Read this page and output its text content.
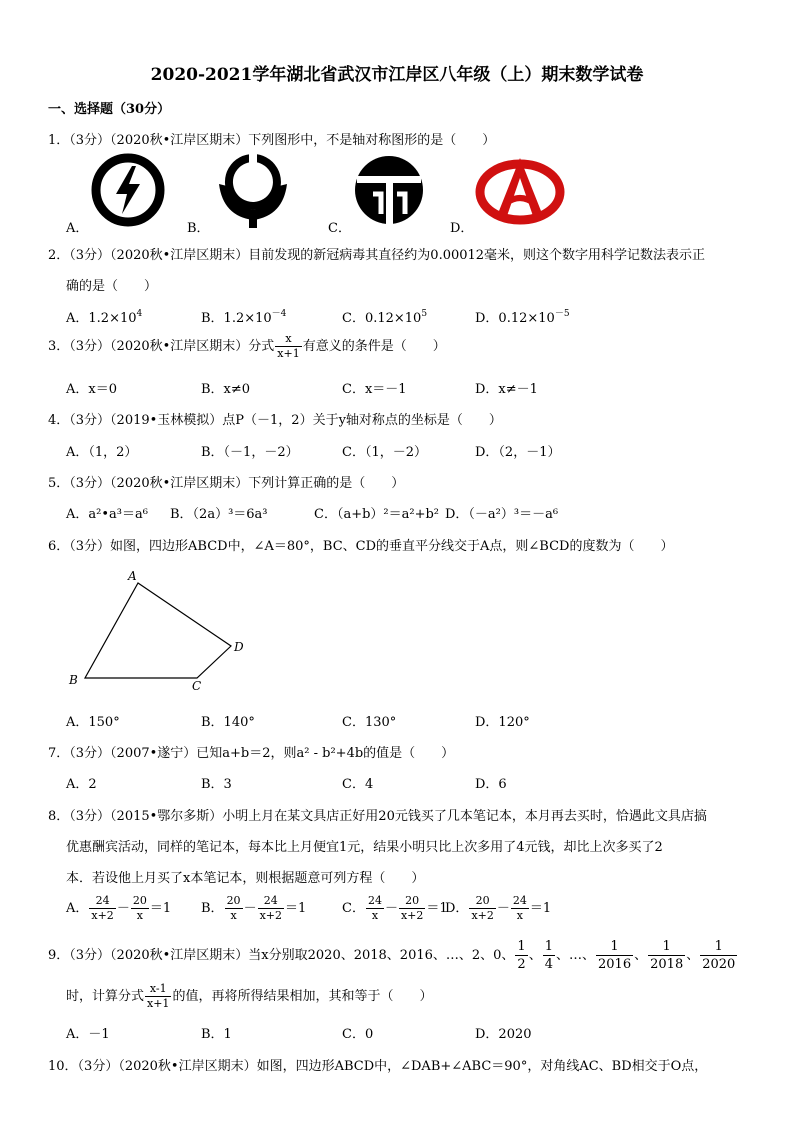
2020-2021学年湖北省武汉市江岸区八年级（上）期末数学试卷
一、选择题（30分）
1．（3分）（2020秋•江岸区期末）下列图形中，不是轴对称图形的是（　　）
A．	B．	C．	D．
2．（3分）（2020秋•江岸区期末）目前发现的新冠病毒其直径约为0.00012毫米，则这个数字用科学记数法表示正
确的是（　　）
A．$1.2\times 10^4$	B．$1.2\times 10^{-4}$	C．$0.12\times 10^5$	D．$0.12\times 10^{-5}$
3．（3分）（2020秋•江岸区期末）分式 $\frac{x}{x+1}$ 有意义的条件是（　　）
A．x＝0	B．x≠0	C．x＝－1	D．x≠－1
4．（3分）（2019•玉林模拟）点P（－1，2）关于y轴对称点的坐标是（　　）
A．（1，2）	B．（－1，－2）	C．（1，－2）	D．（2，－1）
5．（3分）（2020秋•江岸区期末）下列计算正确的是（　　）
A．a²•a³＝a⁶ B．（2a）³＝6a³	C．（a+b）²＝a²+b² D．（－a²）³＝－a⁶
6．（3分）如图，四边形ABCD中，∠A＝80°，BC、CD的垂直平分线交于A点，则∠BCD的度数为（　　）
A
B	C
D
A．150°	B．140°	C．130°	D．120°
7．（3分）（2007•遂宁）已知a+b＝2，则a² - b²+4b的值是（　　）
A．2	B．3	C．4	D．6
8．（3分）（2015•鄂尔多斯）小明上月在某文具店正好用20元钱买了几本笔记本，本月再去买时，恰遇此文具店搞
优惠酬宾活动，同样的笔记本，每本比上月便宜1元，结果小明只比上次多用了4元钱，却比上次多买了2
本．若设他上月买了x本笔记本，则根据题意可列方程（　　）
A． $\frac{24}{x+2} - \frac{20}{x} =1$ B． $\frac{20}{x} - \frac{24}{x+2} =1$	C． $\frac{24}{x} - \frac{20}{x+2} =1$
D． $\frac{20}{x+2} - \frac{24}{x} =1$
9．（3分）（2020秋•江岸区期末）当x分别取2020、2018、2016、…、2、0、 $\frac{1}{2}$ 、 $\frac{1}{4}$ 、…、 $\frac{1}{2016}$ 、 $\frac{1}{2018}$ 、 $\frac{1}{2020}$
时，计算分式 $\frac{x-1}{x+1}$ 的值，再将所得结果相加，其和等于（　　）
A．－1	B．1	C．0	D．2020
10．（3分）（2020秋•江岸区期末）如图，四边形ABCD中，∠DAB+∠ABC＝90°，对角线AC、BD相交于O点，
